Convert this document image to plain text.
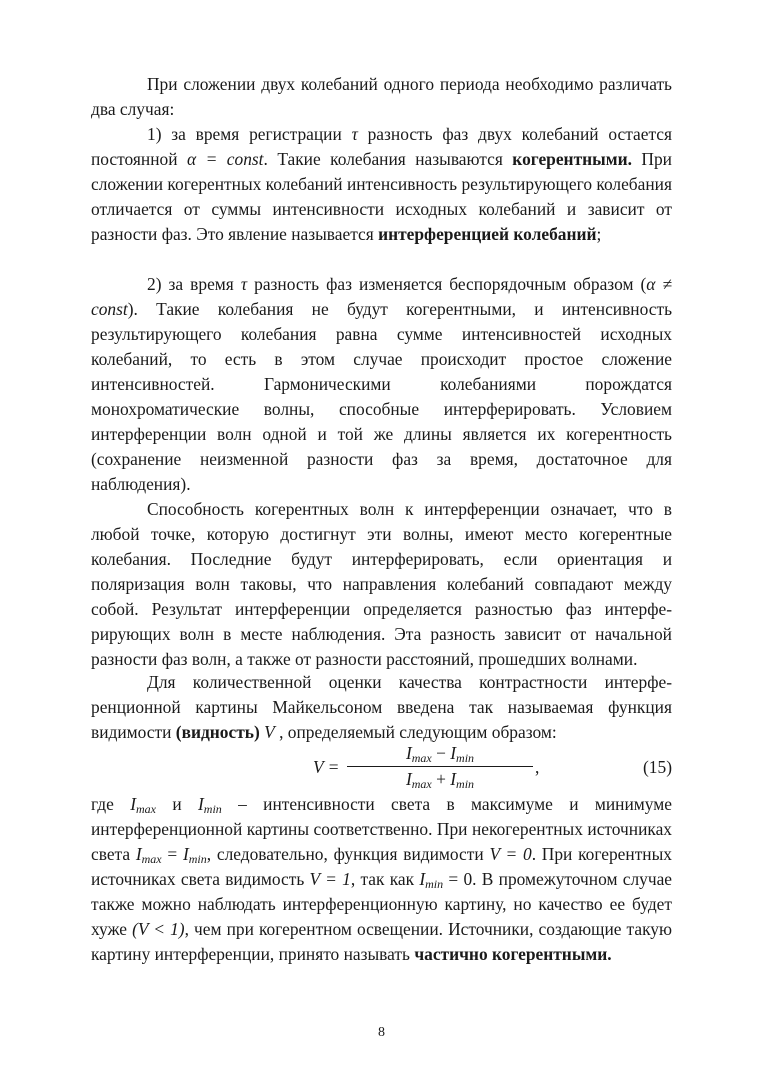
При сложении двух колебаний одного периода необходимо различать два случая:

1) за время регистрации τ разность фаз двух колебаний остается постоянной α = const. Такие колебания называются когерентными. При сложении когерентных колебаний интенсивность результирующего колебания отличается от суммы интенсивности исходных колебаний и зависит от разности фаз. Это явление называется интерференцией колебаний;

2) за время τ разность фаз изменяется беспорядочным образом (α ≠ const). Такие колебания не будут когерентными, и интенсивность результирующего колебания равна сумме интенсивностей исходных колебаний, то есть в этом случае происходит простое сложение интенсивностей. Гармоническими колебаниями порождатся монохроматические волны, способные интерферировать. Условием интерференции волн одной и той же длины является их когерентность (сохранение неизменной разности фаз за время, достаточное для наблюдения).

Способность когерентных волн к интерференции означает, что в любой точке, которую достигнут эти волны, имеют место когерентные колебания. Последние будут интерферировать, если ориентация и поляризация волн таковы, что направления колебаний совпадают между собой. Результат интерференции определяется разностью фаз интерферирующих волн в месте наблюдения. Эта разность зависит от начальной разности фаз волн, а также от разности расстояний, прошедших волнами.

Для количественной оценки качества контрастности интерференционной картины Майкельсоном введена так называемая функция видимости (видность) V , определяемый следующим образом:

V =
$I_{max} - I_{min}$
$I_{max} + I_{min}$
,	(15)

где $I_{max}$ и $I_{min}$ – интенсивности света в максимуме и минимуме интерференционной картины соответственно. При некогерентных источниках света $I_{max} = I_{min}$, следовательно, функция видимости V = 0. При когерентных источниках света видимость V = 1, так как $I_{min} = 0$. В промежуточном случае также можно наблюдать интерференционную картину, но качество ее будет хуже (V < 1), чем при когерентном освещении. Источники, создающие такую картину интерференции, принято называть частично когерентными.

8
